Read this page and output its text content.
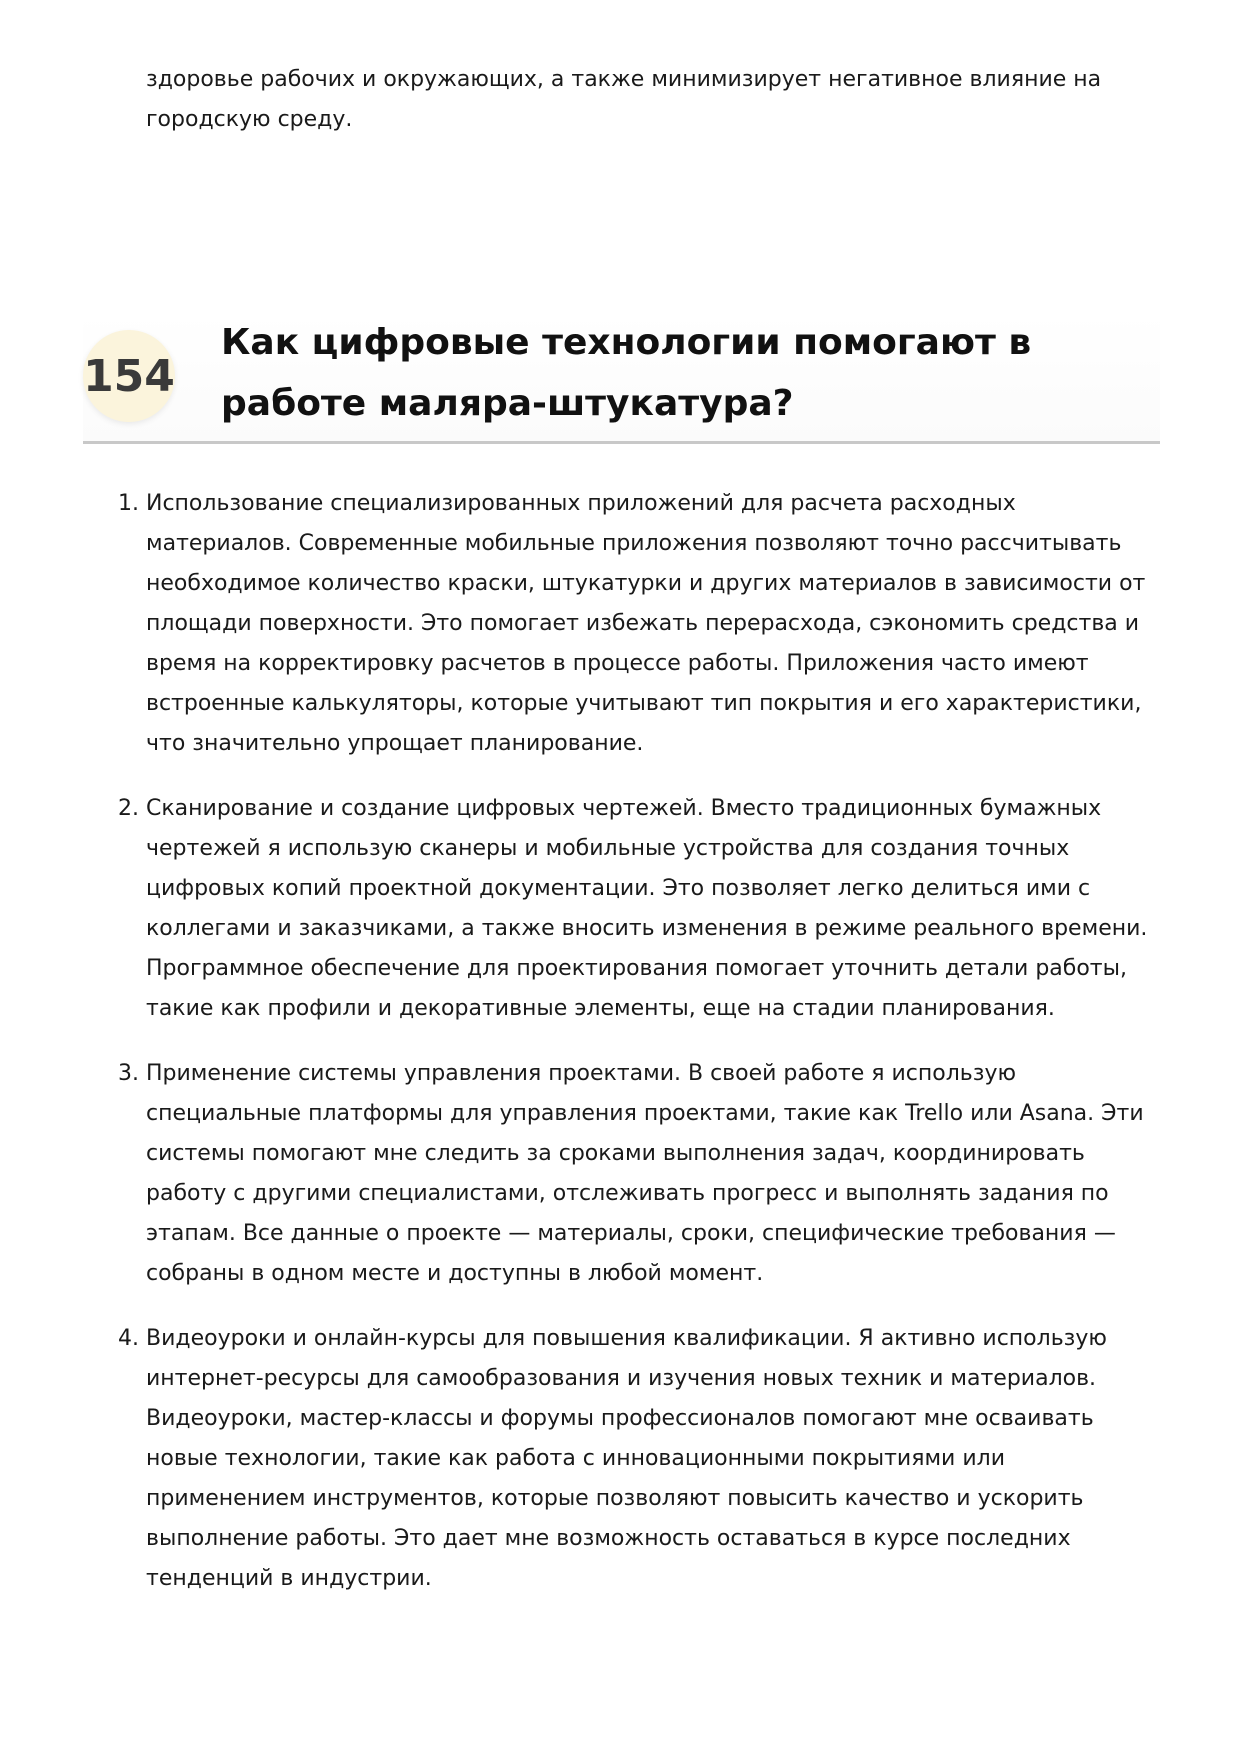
здоровье рабочих и окружающих, а также минимизирует негативное влияние на городскую среду.

154
Как цифровые технологии помогают в работе маляра-штукатура?
1. Использование специализированных приложений для расчета расходных материалов. Современные мобильные приложения позволяют точно рассчитывать необходимое количество краски, штукатурки и других материалов в зависимости от площади поверхности. Это помогает избежать перерасхода, сэкономить средства и время на корректировку расчетов в процессе работы. Приложения часто имеют встроенные калькуляторы, которые учитывают тип покрытия и его характеристики, что значительно упрощает планирование.
2. Сканирование и создание цифровых чертежей. Вместо традиционных бумажных чертежей я использую сканеры и мобильные устройства для создания точных цифровых копий проектной документации. Это позволяет легко делиться ими с коллегами и заказчиками, а также вносить изменения в режиме реального времени. Программное обеспечение для проектирования помогает уточнить детали работы, такие как профили и декоративные элементы, еще на стадии планирования.
3. Применение системы управления проектами. В своей работе я использую специальные платформы для управления проектами, такие как Trello или Asana. Эти системы помогают мне следить за сроками выполнения задач, координировать работу с другими специалистами, отслеживать прогресс и выполнять задания по этапам. Все данные о проекте — материалы, сроки, специфические требования — собраны в одном месте и доступны в любой момент.
4. Видеоуроки и онлайн-курсы для повышения квалификации. Я активно использую интернет-ресурсы для самообразования и изучения новых техник и материалов. Видеоуроки, мастер-классы и форумы профессионалов помогают мне осваивать новые технологии, такие как работа с инновационными покрытиями или применением инструментов, которые позволяют повысить качество и ускорить выполнение работы. Это дает мне возможность оставаться в курсе последних тенденций в индустрии.
